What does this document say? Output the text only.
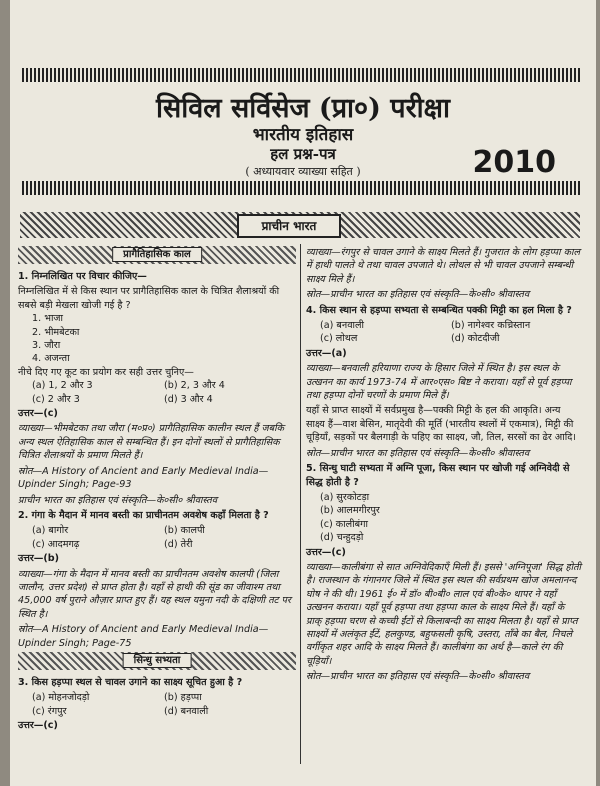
सिविल सर्विसेज (प्रा०) परीक्षा
भारतीय इतिहास
हल प्रश्न-पत्र
( अध्यायवार व्याख्या सहित )	2010
प्राचीन भारत
प्रागैतिहासिक काल
1. निम्नलिखित पर विचार कीजिए—
निम्नलिखित में से किस स्थान पर प्रागैतिहासिक काल के चित्रित शैलाश्रयों की सबसे बड़ी मेखला खोजी गई है ?
1. भाजा
2. भीमबेटका
3. जौरा
4. अजन्ता
नीचे दिए गए कूट का प्रयोग कर सही उत्तर चुनिए—
(a) 1, 2 और 3	(b) 2, 3 और 4
(c) 2 और 3	(d) 3 और 4
उत्तर—(c)
व्याख्या—भीमबेटका तथा जौरा (म०प्र०) प्रागैतिहासिक कालीन स्थल हैं जबकि अन्य स्थल ऐतिहासिक काल से सम्बन्धित हैं। इन दोनों स्थलों से प्रागैतिहासिक चित्रित शैलाश्रयों के प्रमाण मिलते हैं।
स्रोत—A History of Ancient and Early Medieval India—Upinder Singh; Page-93
प्राचीन भारत का इतिहास एवं संस्कृति—के०सी० श्रीवास्तव
2. गंगा के मैदान में मानव बस्ती का प्राचीनतम अवशेष कहाँ मिलता है ?
(a) बागोर	(b) कालपी
(c) आदमगढ़	(d) तेरी
उत्तर—(b)
व्याख्या—गंगा के मैदान में मानव बस्ती का प्राचीनतम अवशेष कालपी (जिला जालौन, उत्तर प्रदेश) से प्राप्त होता है। यहाँ से हाथी की सूंड का जीवाश्म तथा 45,000 वर्ष पुराने औज़ार प्राप्त हुए हैं। यह स्थल यमुना नदी के दक्षिणी तट पर स्थित है।
स्रोत—A History of Ancient and Early Medieval India—Upinder Singh; Page-75
सिन्धु सभ्यता
3. किस हड़प्पा स्थल से चावल उगाने का साक्ष्य सूचित हुआ है ?
(a) मोहनजोदड़ो	(b) हड़प्पा
(c) रंगपुर	(d) बनवाली
उत्तर—(c)
व्याख्या—रंगपुर से चावल उगाने के साक्ष्य मिलते हैं। गुजरात के लोग हड़प्पा काल में हाथी पालते थे तथा चावल उपजाते थे। लोथल से भी चावल उपजाने सम्बन्धी साक्ष्य मिले हैं।
स्रोत—प्राचीन भारत का इतिहास एवं संस्कृति—के०सी० श्रीवास्तव
4. किस स्थान से हड़प्पा सभ्यता से सम्बन्धित पक्की मिट्टी का हल मिला है ?
(a) बनवाली	(b) नागेश्वर कच्रिस्तान
(c) लोथल	(d) कोटदीजी
उत्तर—(a)
व्याख्या—बनवाली हरियाणा राज्य के हिसार जिले में स्थित है। इस स्थल के उत्खनन का कार्य 1973-74 में आर०एस० बिष्ट ने कराया। यहाँ से पूर्व हड़प्पा तथा हड़प्पा दोनों चरणों के प्रमाण मिले हैं।
यहाँ से प्राप्त साक्ष्यों में सर्वप्रमुख है—पक्की मिट्टी के हल की आकृति। अन्य साक्ष्य हैं—वाश बेसिन, मातृदेवी की मूर्ति (भारतीय स्थलों में एकमात्र), मिट्टी की चूड़ियाँ, सड़कों पर बैलगाड़ी के पहिए का साक्ष्य, जौ, तिल, सरसों का ढेर आदि।
स्रोत—प्राचीन भारत का इतिहास एवं संस्कृति—के०सी० श्रीवास्तव
5. सिन्धु घाटी सभ्यता में अग्नि पूजा, किस स्थान पर खोजी गई अग्निवेदी से सिद्ध होती है ?
(a) सुरकोटड़ा
(b) आलमगीरपुर
(c) कालीबंगा
(d) चन्हुदड़ो
उत्तर—(c)
व्याख्या—कालीबंगा से सात अग्निवेदिकाएँ मिली हैं। इससे 'अग्निपूजा' सिद्ध होती है। राजस्थान के गंगानगर जिले में स्थित इस स्थल की सर्वप्रथम खोज अमलानन्द घोष ने की थी। 1961 ई० में डॉ० बी०बी० लाल एवं बी०के० थापर ने यहाँ उत्खनन कराया। यहाँ पूर्व हड़प्पा तथा हड़प्पा काल के साक्ष्य मिले हैं। यहाँ के प्राक् हड़प्पा चरण से कच्ची ईंटों से किलाबन्दी का साक्ष्य मिलता है। यहाँ से प्राप्त साक्ष्यों में अलंकृत ईंटें, हलकुण्ड, बहुफसली कृषि, उस्तरा, ताँबे का बैल, निचले वर्गीकृत शहर आदि के साक्ष्य मिलते हैं। कालीबंगा का अर्थ है—काले रंग की चूड़ियाँ।
स्रोत—प्राचीन भारत का इतिहास एवं संस्कृति—के०सी० श्रीवास्तव
